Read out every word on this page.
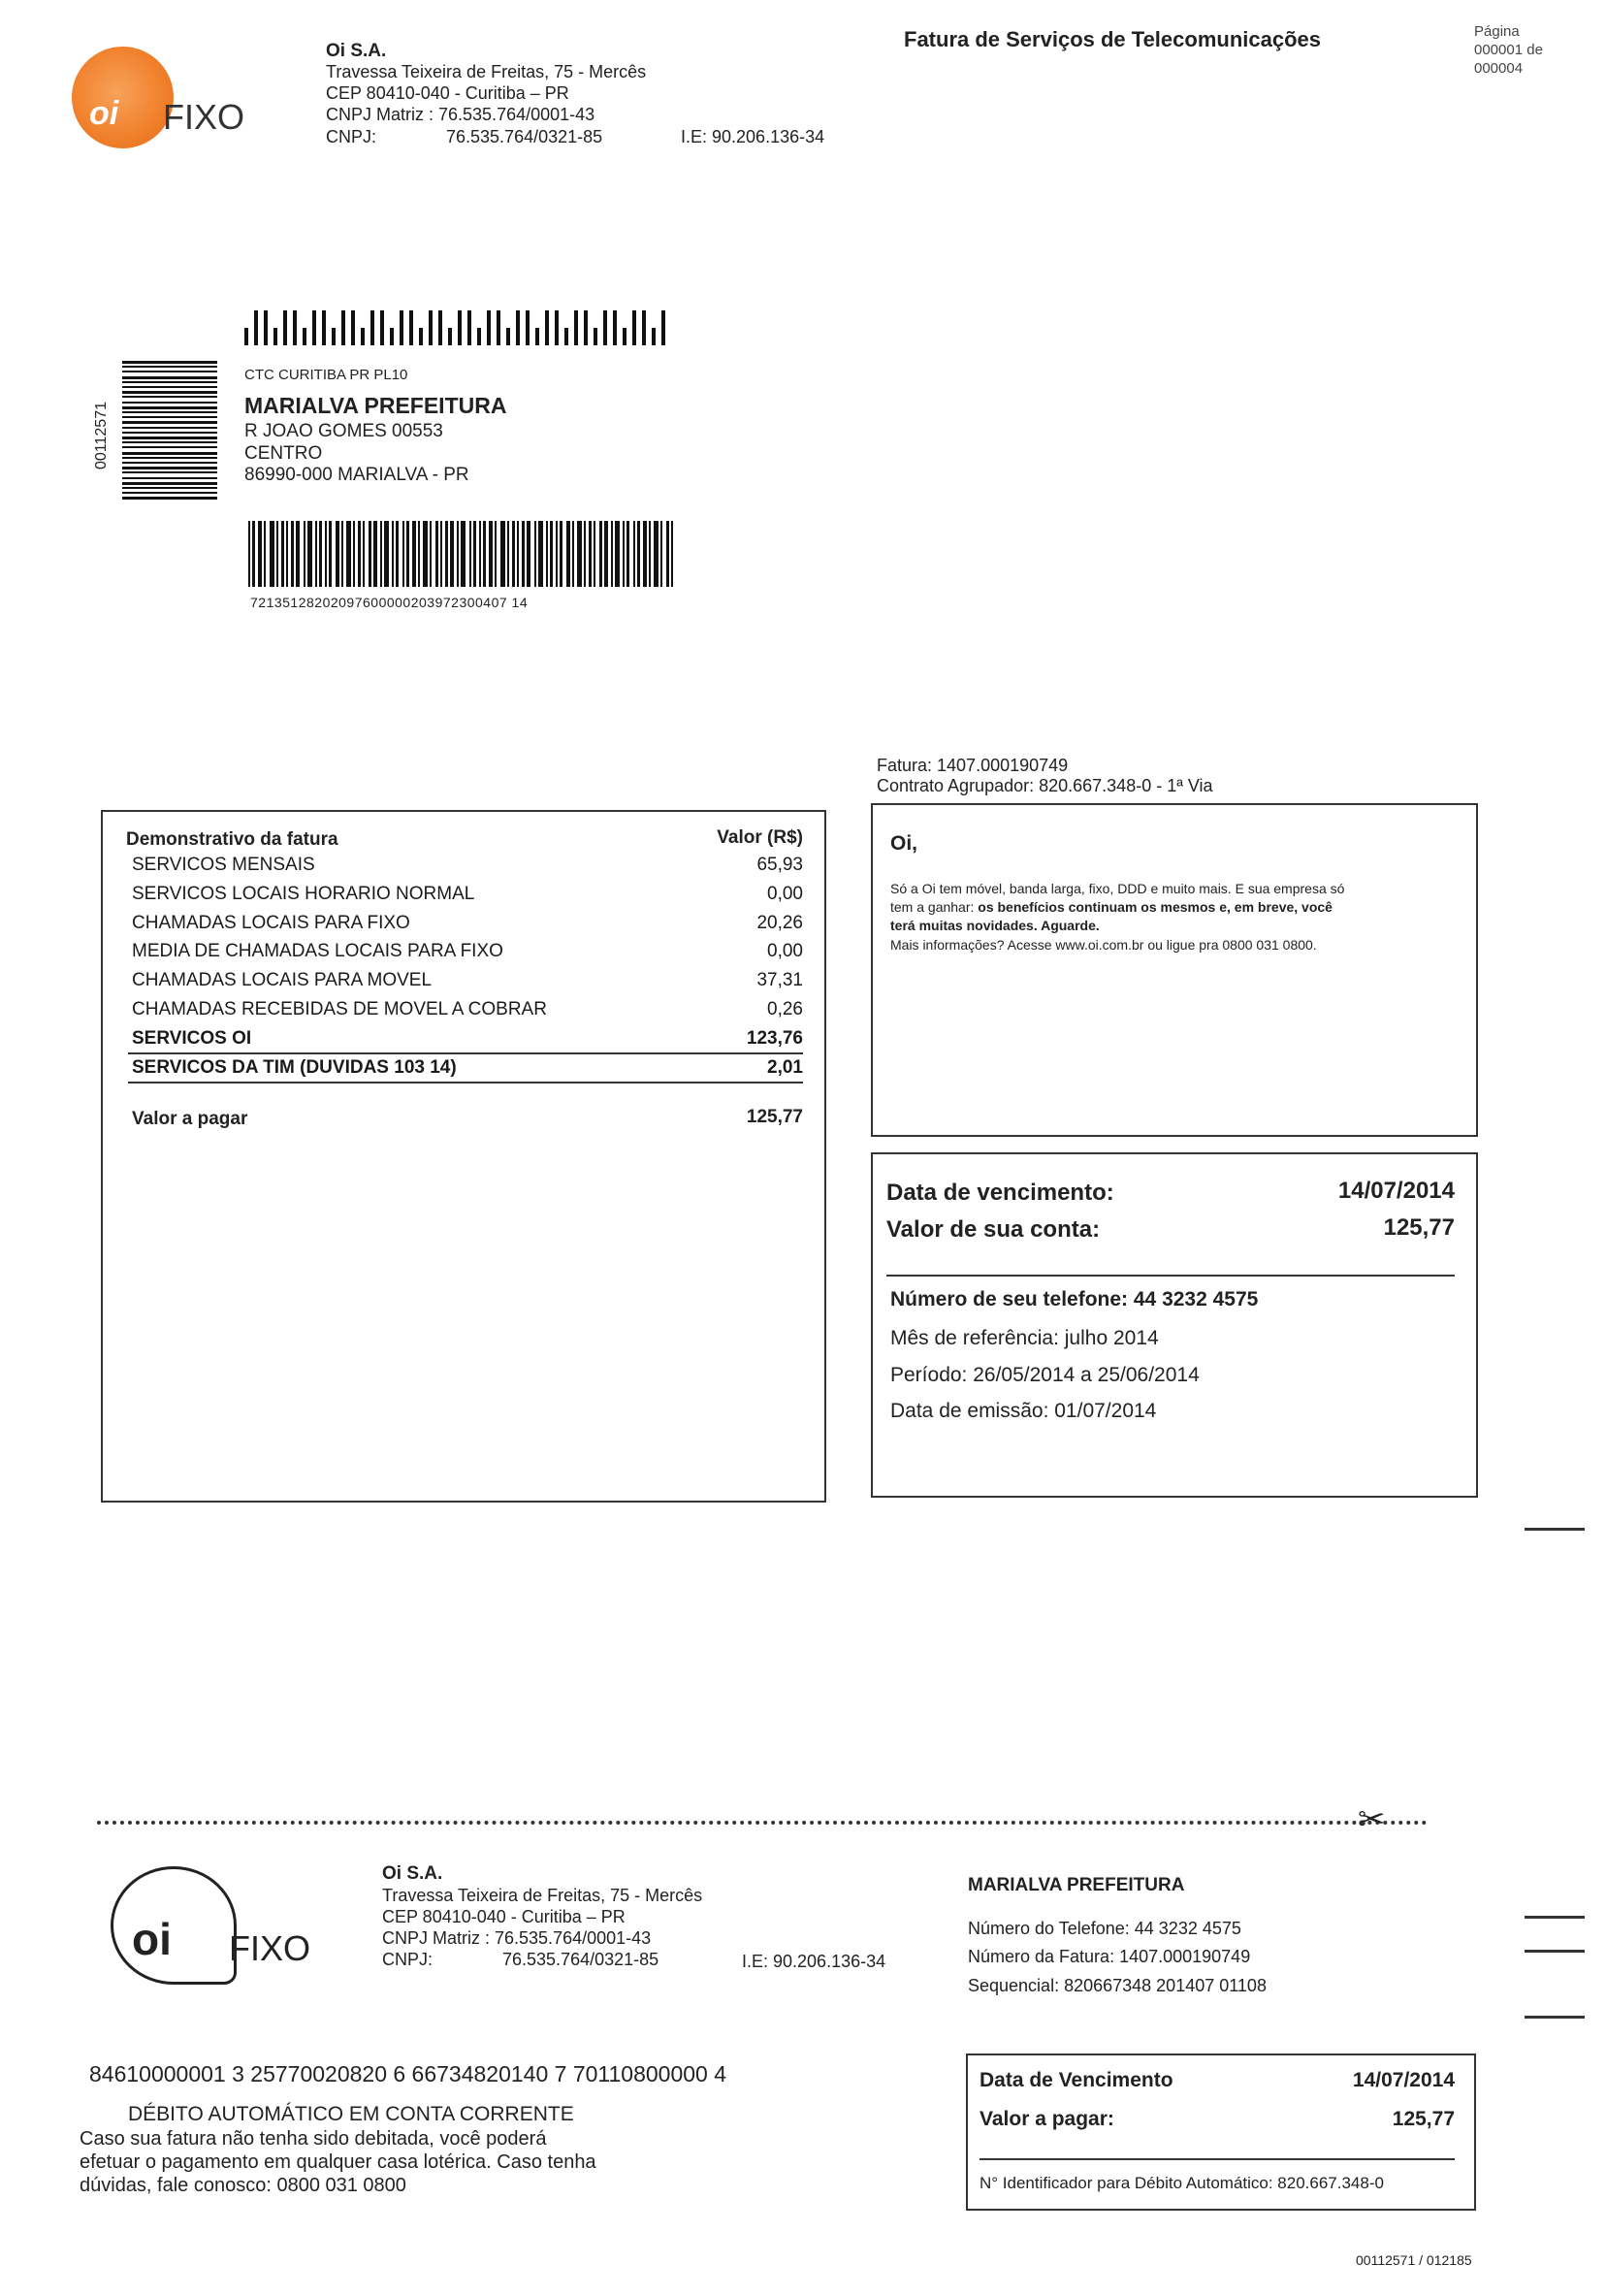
oi FIXO
Oi S.A.
Travessa Teixeira de Freitas, 75 - Mercês
CEP 80410-040 - Curitiba – PR
CNPJ Matriz : 76.535.764/0001-43
CNPJ:	76.535.764/0321-85	I.E: 90.206.136-34
Fatura de Serviços de Telecomunicações	Página
000001 de
000004
00112571
CTC CURITIBA PR PL10
MARIALVA PREFEITURA
R JOAO GOMES 00553
CENTRO
86990-000 MARIALVA - PR
72135128202097600000203972300407 14
Fatura: 1407.000190749
Contrato Agrupador: 820.667.348-0 - 1ª Via
Demonstrativo da fatura	Valor (R$)
SERVICOS MENSAIS	65,93
SERVICOS LOCAIS HORARIO NORMAL	0,00
CHAMADAS LOCAIS PARA FIXO	20,26
MEDIA DE CHAMADAS LOCAIS PARA FIXO	0,00
CHAMADAS LOCAIS PARA MOVEL	37,31
CHAMADAS RECEBIDAS DE MOVEL A COBRAR	0,26
SERVICOS OI	123,76
SERVICOS DA TIM (DUVIDAS 103 14)	2,01
Valor a pagar	125,77
Oi,
Só a Oi tem móvel, banda larga, fixo, DDD e muito mais. E sua empresa só
tem a ganhar: os benefícios continuam os mesmos e, em breve, você
terá muitas novidades. Aguarde.
Mais informações? Acesse www.oi.com.br ou ligue pra 0800 031 0800.
Data de vencimento:	14/07/2014
Valor de sua conta:	125,77
Número de seu telefone: 44 3232 4575
Mês de referência: julho 2014
Período: 26/05/2014 a 25/06/2014
Data de emissão: 01/07/2014
✂
oi FIXO
Oi S.A.
Travessa Teixeira de Freitas, 75 - Mercês
CEP 80410-040 - Curitiba – PR
CNPJ Matriz : 76.535.764/0001-43
CNPJ:	76.535.764/0321-85	I.E: 90.206.136-34
MARIALVA PREFEITURA
Número do Telefone: 44 3232 4575
Número da Fatura: 1407.000190749
Sequencial: 820667348 201407 01108
84610000001 3 25770020820 6 66734820140 7 70110800000 4
DÉBITO AUTOMÁTICO EM CONTA CORRENTE
Caso sua fatura não tenha sido debitada, você poderá
efetuar o pagamento em qualquer casa lotérica. Caso tenha
dúvidas, fale conosco: 0800 031 0800
Data de Vencimento	14/07/2014
Valor a pagar:	125,77
N° Identificador para Débito Automático: 820.667.348-0
00112571 / 012185
